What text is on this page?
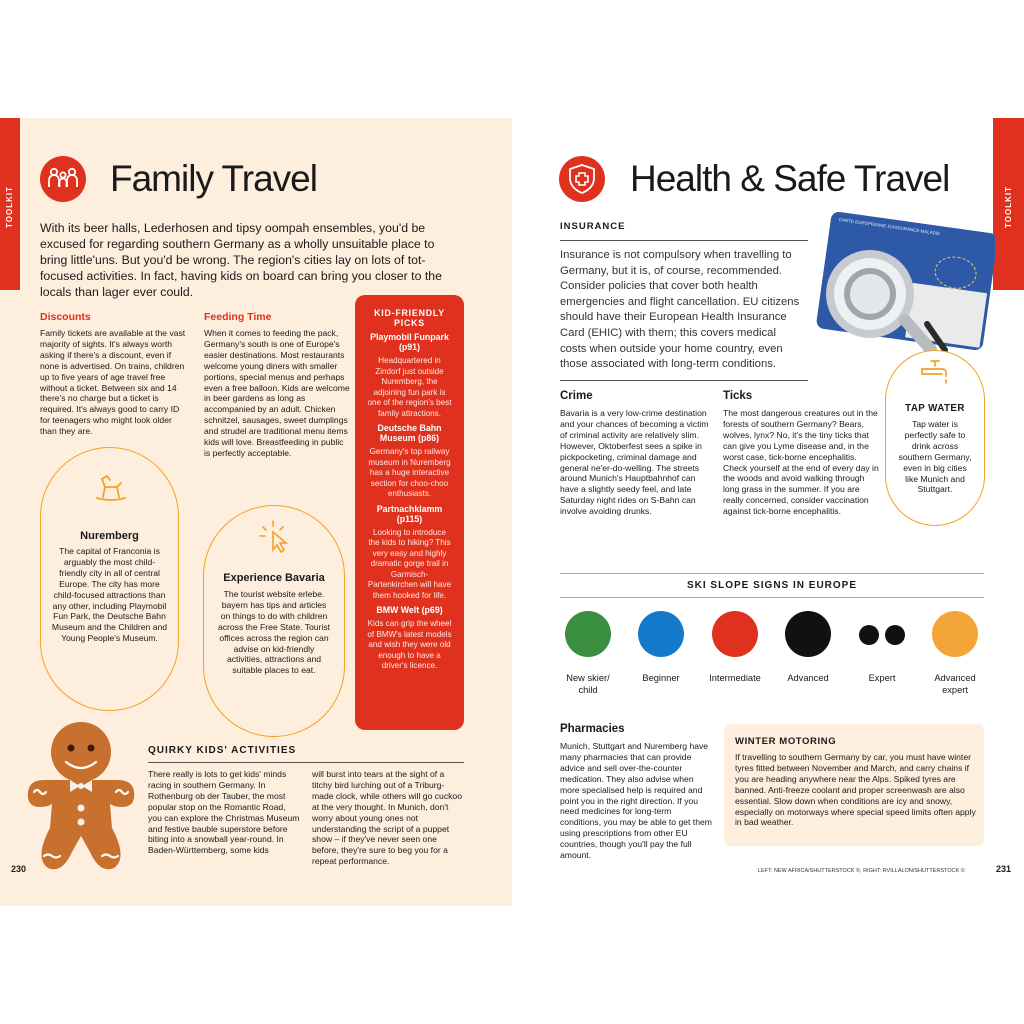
TOOLKIT
Family Travel
With its beer halls, Lederhosen and tipsy oompah ensembles, you'd be excused for regarding southern Germany as a wholly unsuitable place to bring little'uns. But you'd be wrong. The region's cities lay on lots of tot-focused activities. In fact, having kids on board can bring you closer to the locals than lager ever could.
Discounts
Family tickets are available at the vast majority of sights. It's always worth asking if there's a discount, even if none is advertised. On trains, children up to five years of age travel free without a ticket. Between six and 14 there's no charge but a ticket is required. It's always good to carry ID for teenagers who might look older than they are.
Feeding Time
When it comes to feeding the pack, Germany's south is one of Europe's easier destinations. Most restaurants welcome young diners with smaller portions, special menus and perhaps even a free balloon. Kids are welcome in beer gardens as long as accompanied by an adult. Chicken schnitzel, sausages, sweet dumplings and strudel are traditional menu items kids will love. Breastfeeding in public is perfectly acceptable.
KID-FRIENDLY PICKS
Playmobil Funpark (p91)
Headquartered in Zindorf just outside Nuremberg, the adjoining fun park is one of the region's best family attractions.
Deutsche Bahn Museum (p86)
Germany's top railway museum in Nuremberg has a huge interactive section for choo-choo enthusiasts.
Partnachklamm (p115)
Looking to introduce the kids to hiking? This very easy and highly dramatic gorge trail in Garmisch-Partenkirchen will have them hooked for life.
BMW Welt (p69)
Kids can grip the wheel of BMW's latest models and wish they were old enough to have a driver's licence.
Nuremberg
The capital of Franconia is arguably the most child-friendly city in all of central Europe. The city has more child-focused attractions than any other, including Playmobil Fun Park, the Deutsche Bahn Museum and the Children and Young People's Museum.
Experience Bavaria
The tourist website erlebe. bayern has tips and articles on things to do with children across the Free State. Tourist offices across the region can advise on kid-friendly activities, attractions and suitable places to eat.
QUIRKY KIDS' ACTIVITIES
There really is lots to get kids' minds racing in southern Germany. In Rothenburg ob der Tauber, the most popular stop on the Romantic Road, you can explore the Christmas Museum and festive bauble superstore before biting into a snowball year-round. In Baden-Württemberg, some kids
will burst into tears at the sight of a titchy bird lurching out of a Triburg-made clock, while others will go cuckoo at the very thought. In Munich, don't worry about young ones not understanding the script of a puppet show – if they've never seen one before, they're sure to beg you for a repeat performance.
230
TOOLKIT
Health & Safe Travel
INSURANCE
Insurance is not compulsory when travelling to Germany, but it is, of course, recommended. Consider policies that cover both health emergencies and flight cancellation. EU citizens should have their European Health Insurance Card (EHIC) with them; this covers medical costs when outside your home country, even those associated with long-term conditions.
CARTE EUROPEENNE D'ASSURANCE MALADIE
TAP WATER
Tap water is perfectly safe to drink across southern Germany, even in big cities like Munich and Stuttgart.
Crime
Bavaria is a very low-crime destination and your chances of becoming a victim of criminal activity are relatively slim. However, Oktoberfest sees a spike in pickpocketing, criminal damage and general ne'er-do-welling. The streets around Munich's Hauptbahnhof can have a slightly seedy feel, and late Saturday night rides on S-Bahn can involve avoiding drunks.
Ticks
The most dangerous creatures out in the forests of southern Germany? Bears, wolves, lynx? No, it's the tiny ticks that can give you Lyme disease and, in the worst case, tick-borne encephalitis. Check yourself at the end of every day in the woods and avoid walking through long grass in the summer. If you are really concerned, consider vaccination against tick-borne encephalitis.
SKI SLOPE SIGNS IN EUROPE
New skier/ child
Beginner	Intermediate	Advanced	Expert	Advanced expert
Pharmacies
Munich, Stuttgart and Nuremberg have many pharmacies that can provide advice and sell over-the-counter medication. They also advise when more specialised help is required and point you in the right direction. If you need medicines for long-term conditions, you may be able to get them using prescriptions from other EU countries, though you'll pay the full amount.
WINTER MOTORING
If travelling to southern Germany by car, you must have winter tyres fitted between November and March, and carry chains if you are heading anywhere near the Alps. Spiked tyres are banned. Anti-freeze coolant and proper screenwash are also essential. Slow down when conditions are icy and snowy, especially on motorways where special speed limits often apply in bad weather.
LEFT: NEW AFRICA/SHUTTERSTOCK ©, RIGHT: RVILLALON/SHUTTERSTOCK ©	231
